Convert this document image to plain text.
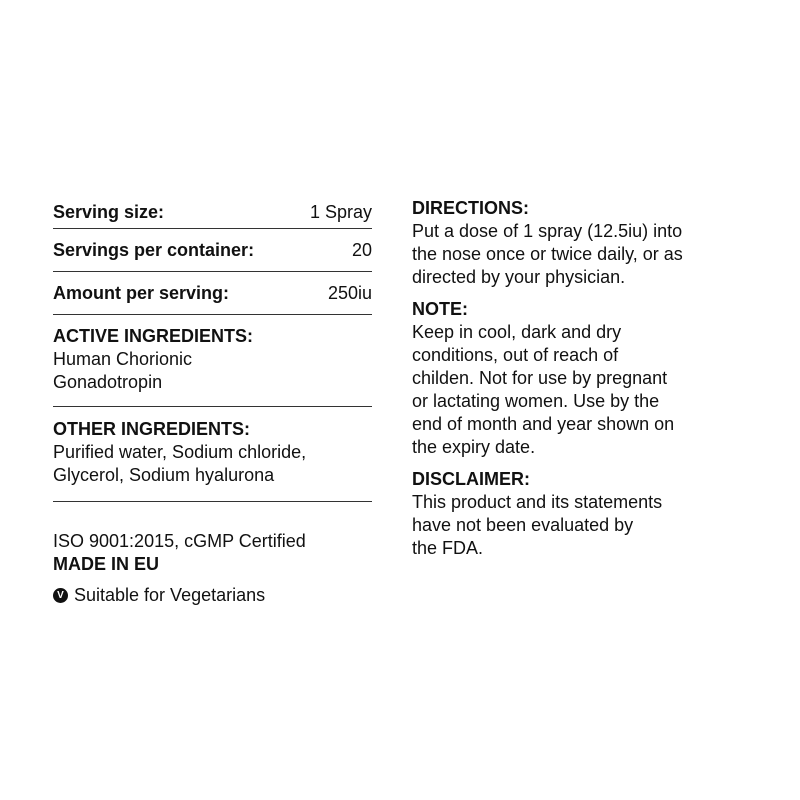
Serving size:	1 Spray
Servings per container:	20
Amount per serving:	250iu
ACTIVE INGREDIENTS:
Human Chorionic
Gonadotropin
OTHER INGREDIENTS:
Purified water, Sodium chloride,
Glycerol, Sodium hyaluronа
ISO 9001:2015, cGMP Certified
MADE IN EU
V Suitable for Vegetarians
DIRECTIONS:
Put a dose of 1 spray (12.5iu) into
the nose once or twice daily, or as
directed by your physician.
NOTE:
Keep in cool, dark and dry
conditions, out of reach of
childen. Not for use by pregnant
or lactating women. Use by the
end of month and year shown on
the expiry date.
DISCLAIMER:
This product and its statements
have not been evaluated by
the FDA.
